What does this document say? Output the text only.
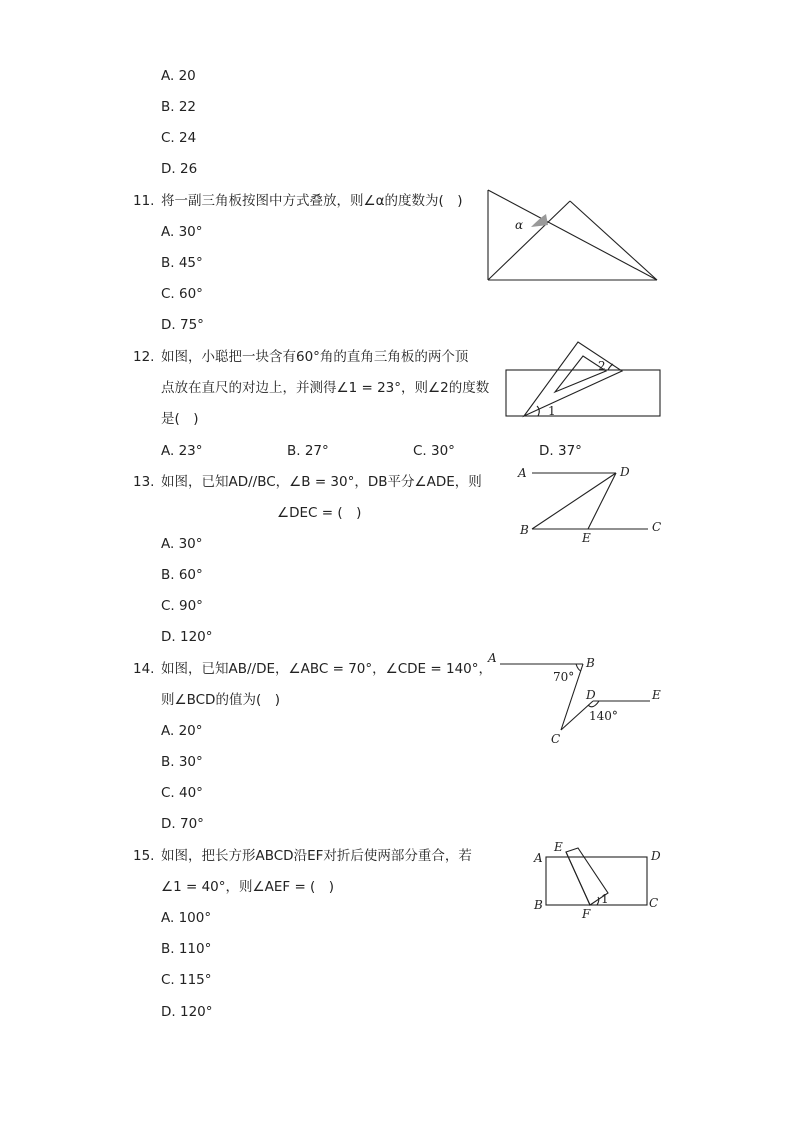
A. 20
B. 22
C. 24
D. 26
11. 将一副三角板按图中方式叠放，则∠α的度数为(　)
A. 30°
B. 45°
C. 60°
D. 75°
α
12. 如图，小聪把一块含有60°角的直角三角板的两个顶
点放在直尺的对边上，并测得∠1 = 23°，则∠2的度数
是(　)
A. 23°	B. 27°	C. 30°	D. 37°
1
2
13. 如图，已知AD//BC，∠B = 30°，DB平分∠ADE，则
∠DEC = (　)
A. 30°
B. 60°
C. 90°
D. 120°
A	D
B
E
C
14. 如图，已知AB//DE，∠ABC = 70°，∠CDE = 140°，
则∠BCD的值为(　)
A. 20°
B. 30°
C. 40°
D. 70°
A	B
70°
D	E
140°
C
15. 如图，把长方形ABCD沿EF对折后使两部分重合，若
∠1 = 40°，则∠AEF = (　)
A. 100°
B. 110°
C. 115°
D. 120°
A
E
D
B
F
1	C
